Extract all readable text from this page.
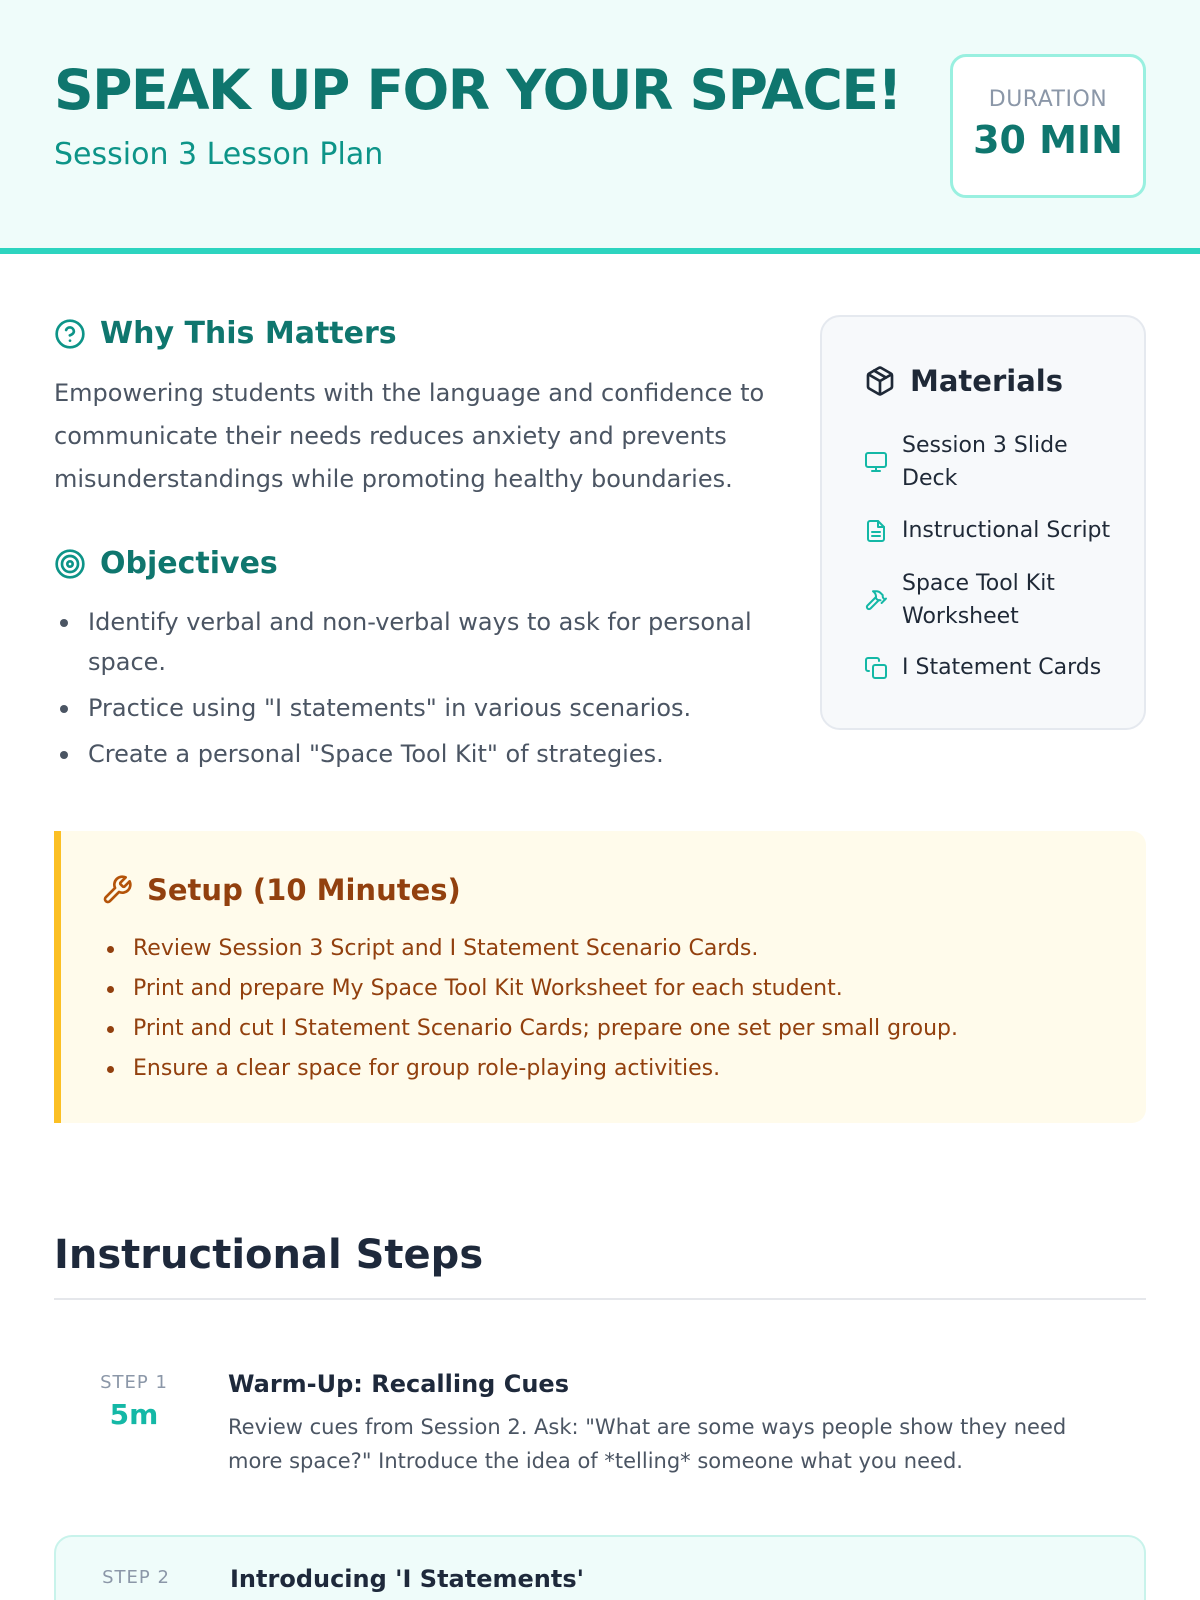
SPEAK UP FOR YOUR SPACE!
Session 3 Lesson Plan
DURATION
30 MIN
Why This Matters

Empowering students with the language and confidence to communicate their needs reduces anxiety and prevents misunderstandings while promoting healthy boundaries.

Objectives
Identify verbal and non-verbal ways to ask for personal space.
Practice using "I statements" in various scenarios.
Create a personal "Space Tool Kit" of strategies.
Materials
Session 3 Slide Deck
Instructional Script
Space Tool Kit Worksheet
I Statement Cards
Setup (10 Minutes)
Review Session 3 Script and I Statement Scenario Cards.
Print and prepare My Space Tool Kit Worksheet for each student.
Print and cut I Statement Scenario Cards; prepare one set per small group.
Ensure a clear space for group role-playing activities.
Instructional Steps
STEP 1
5m
Warm-Up: Recalling Cues
Review cues from Session 2. Ask: "What are some ways people show they need more space?" Introduce the idea of *telling* someone what you need.
STEP 2	Introducing 'I Statements'
